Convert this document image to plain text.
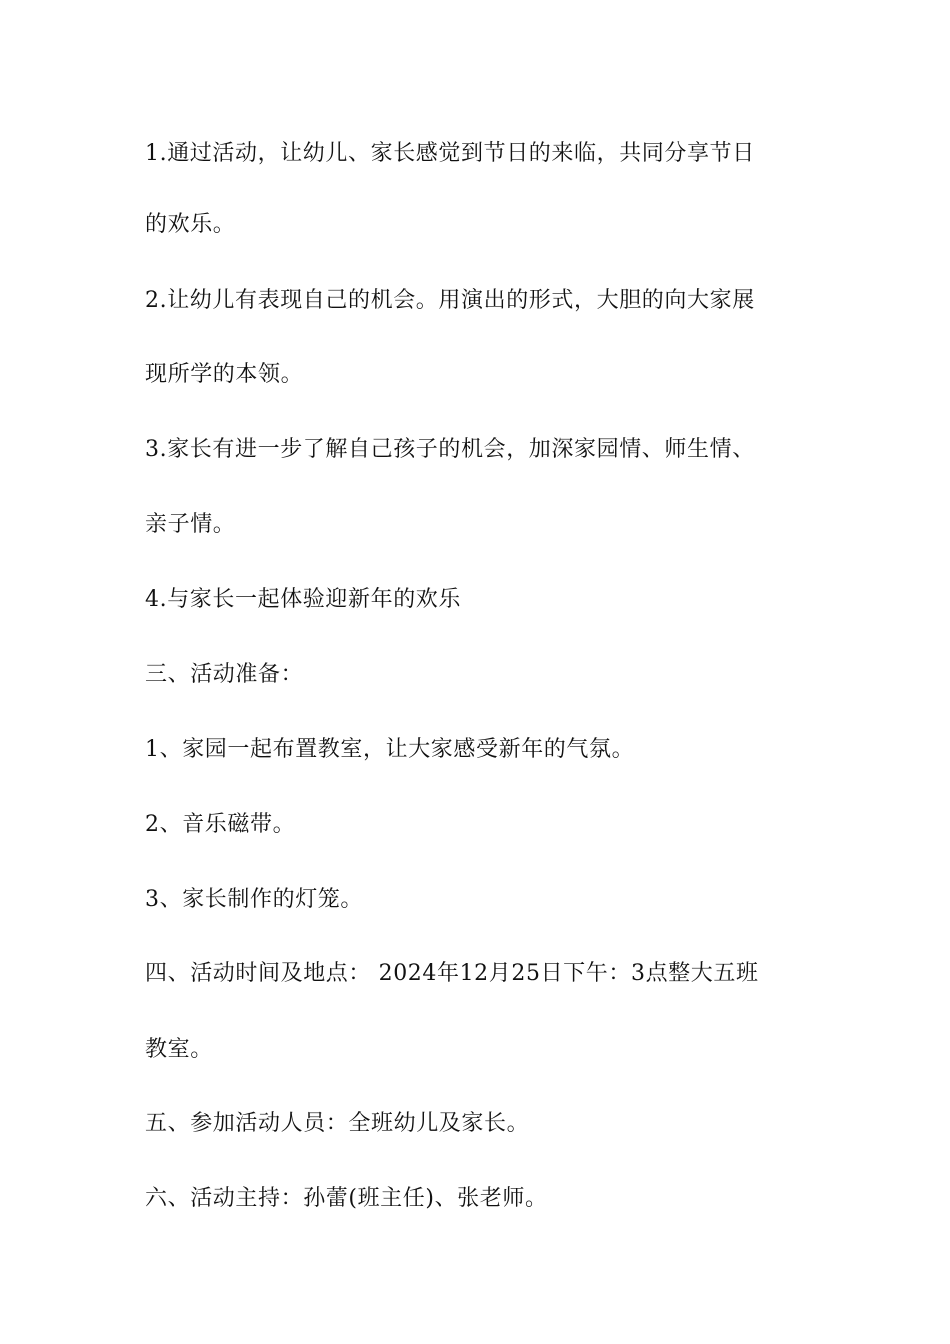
1.通过活动，让幼儿、家长感觉到节日的来临，共同分享节日
的欢乐。
2.让幼儿有表现自己的机会。用演出的形式，大胆的向大家展
现所学的本领。
3.家长有进一步了解自己孩子的机会，加深家园情、师生情、
亲子情。
4.与家长一起体验迎新年的欢乐
三、活动准备：
1、家园一起布置教室，让大家感受新年的气氛。
2、音乐磁带。
3、家长制作的灯笼。
四、活动时间及地点： 2024年12月25日下午：3点整大五班
教室。
五、参加活动人员：全班幼儿及家长。
六、活动主持：孙蕾(班主任)、张老师。
